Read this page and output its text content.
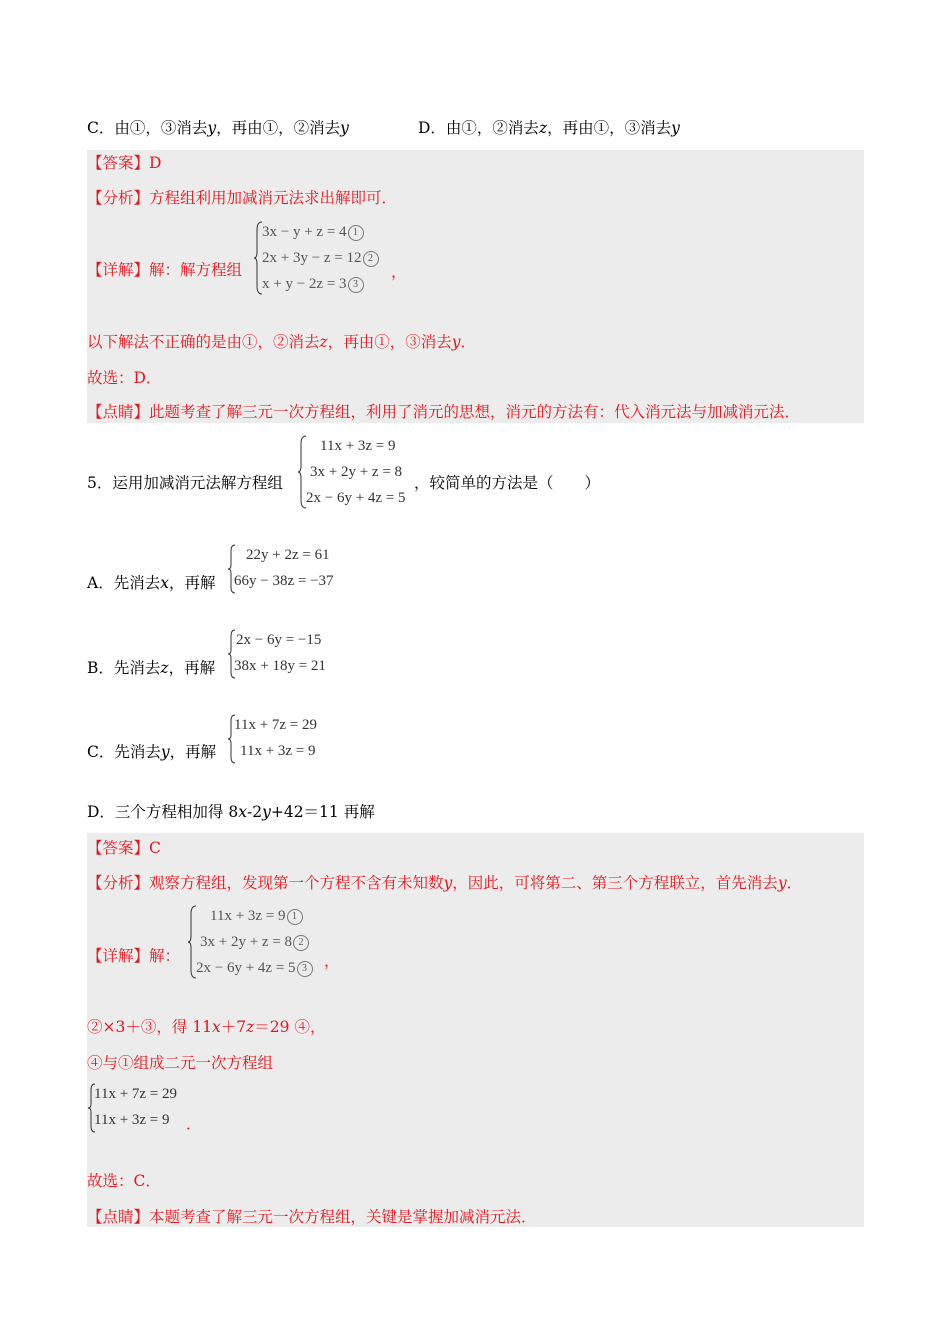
C．由①，③消去y，再由①，②消去y	D．由①，②消去z，再由①，③消去y
【答案】D
【分析】方程组利用加减消元法求出解即可．
【详解】解：解方程组
3x − y + z = 4 1
2x + 3y − z = 12 2
x + y − 2z = 3 3
，
以下解法不正确的是由①，②消去z，再由①，③消去y．
故选：D．
【点睛】此题考查了解三元一次方程组，利用了消元的思想，消元的方法有：代入消元法与加减消元法．
5．运用加减消元法解方程组
11x + 3z = 9
3x + 2y + z = 8
2x − 6y + 4z = 5
，较简单的方法是（　　）
A．先消去x，再解
22y + 2z = 61
66y − 38z = −37
B．先消去z，再解
2x − 6y = −15
38x + 18y = 21
C．先消去y，再解
11x + 7z = 29
11x + 3z = 9
D．三个方程相加得 8x-2y+42＝11 再解
【答案】C
【分析】观察方程组，发现第一个方程不含有未知数y，因此，可将第二、第三个方程联立，首先消去y．
【详解】解：
11x + 3z = 9 1
3x + 2y + z = 8 2
2x − 6y + 4z = 5 3	，
②×3＋③，得 11x＋7z＝29 ④，
④与①组成二元一次方程组
11x + 7z = 29
11x + 3z = 9 ．
故选：C．
【点睛】本题考查了解三元一次方程组，关键是掌握加减消元法．
